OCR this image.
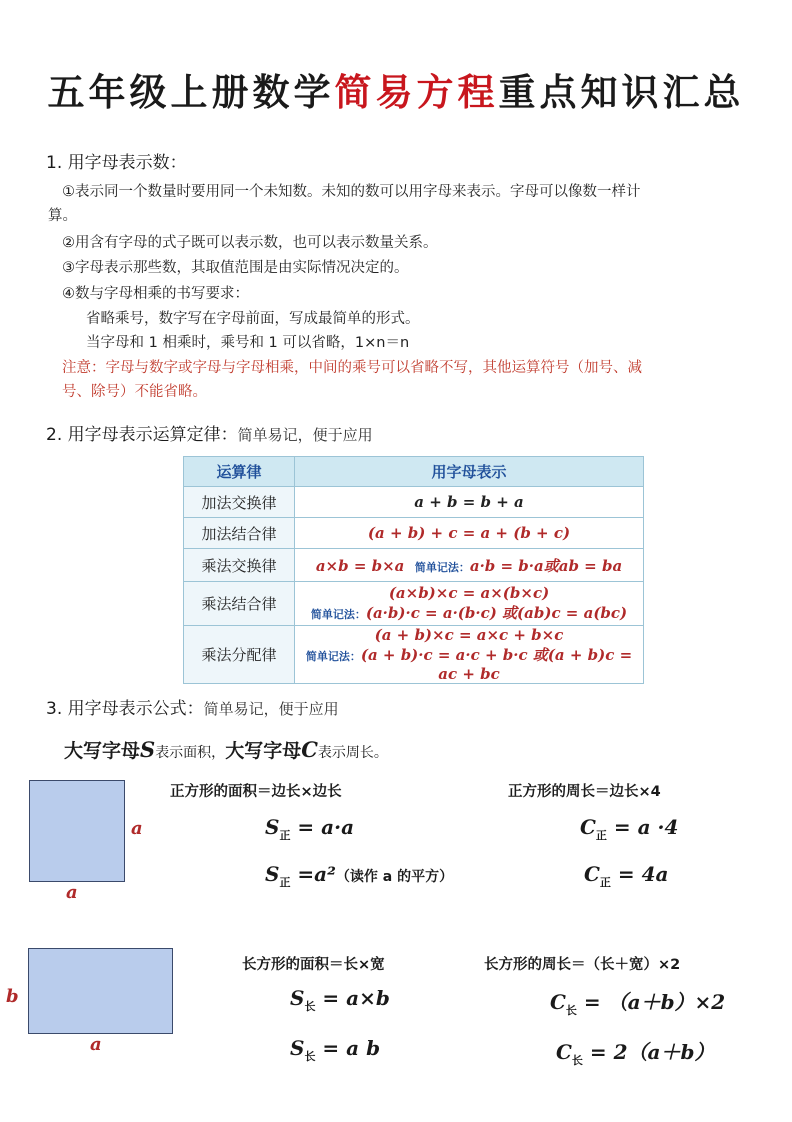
五年级上册数学简易方程重点知识汇总
1. 用字母表示数：
①表示同一个数量时要用同一个未知数。未知的数可以用字母来表示。字母可以像数一样计
算。
②用含有字母的式子既可以表示数，也可以表示数量关系。
③字母表示那些数，其取值范围是由实际情况决定的。
④数与字母相乘的书写要求：
省略乘号，数字写在字母前面，写成最简单的形式。
当字母和 1 相乘时，乘号和 1 可以省略，1×n＝n
注意：字母与数字或字母与字母相乘，中间的乘号可以省略不写，其他运算符号（加号、减
号、除号）不能省略。
2. 用字母表示运算定律：简单易记，便于应用
运算律	用字母表示
加法交换律	a + b = b + a
加法结合律	(a + b) + c = a + (b + c)
乘法交换律	a×b = b×a 简单记法：a·b = b·a或ab = ba
乘法结合律	(a×b)×c = a×(b×c)
简单记法：(a·b)·c = a·(b·c) 或(ab)c = a(bc)

乘法分配律	(a + b)×c = a×c + b×c
简单记法：(a + b)·c = a·c + b·c 或(a + b)c = ac + bc
3. 用字母表示公式：简单易记，便于应用
大写字母S表示面积，大写字母C表示周长。
a
a
正方形的面积＝边长×边长	正方形的周长＝边长×4
$S_正 = a\cdot a$
$S_正 =a^2$（读作 a 的平方）
$C_正 = a \cdot 4$
$C_正 = 4a$
b
a
长方形的面积＝长×宽	长方形的周长＝（长＋宽）×2
$S_长 = a\times b$
$S_长 = a$ b
$C_长 = (a+b)\times 2$
$C_长 = 2(a+b)$
